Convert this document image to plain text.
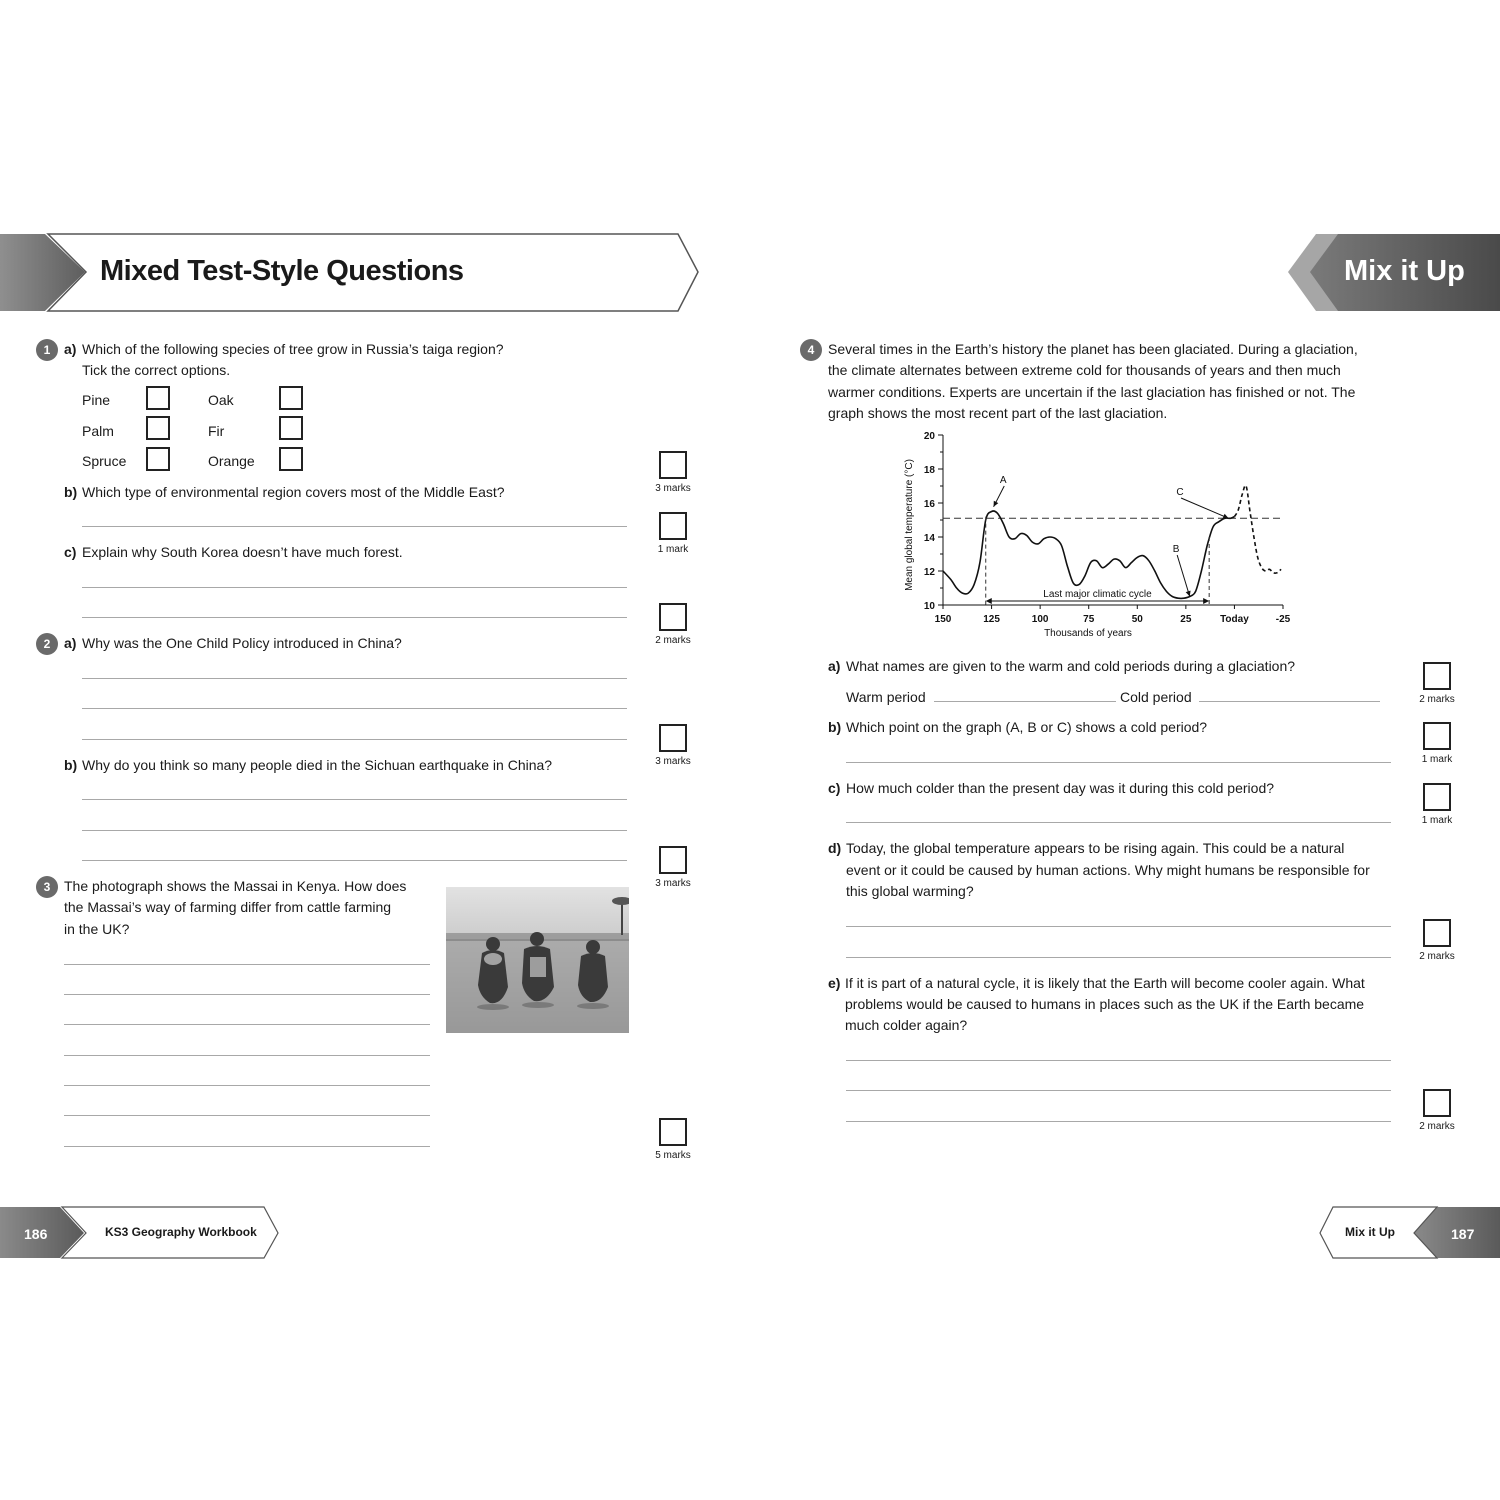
Mixed Test-Style Questions	Mix it Up
1 a) Which of the following species of tree grow in Russia’s taiga region?
Tick the correct options.
Pine	Oak
Palm	Fir
Spruce	Orange
3 marks
b) Which type of environmental region covers most of the Middle East?
1 mark
c) Explain why South Korea doesn’t have much forest.
2 marks
2 a) Why was the One Child Policy introduced in China?
3 marks
b) Why do you think so many people died in the Sichuan earthquake in China?
3 marks
3 The photograph shows the Massai in Kenya. How does
the Massai’s way of farming differ from cattle farming
in the UK?
5 marks
4 Several times in the Earth’s history the planet has been glaciated. During a glaciation,
the climate alternates between extreme cold for thousands of years and then much
warmer conditions. Experts are uncertain if the last glaciation has finished or not. The
graph shows the most recent part of the last glaciation.
10
12
14
16
18
20
150	125	100	75	50	25	Today	-25
Thousands of years
Mean global temperature (°C)
Last major climatic cycle
A
B
C
a) What names are given to the warm and cold periods during a glaciation?
Warm period	Cold period	2 marks
b) Which point on the graph (A, B or C) shows a cold period?
1 mark
c) How much colder than the present day was it during this cold period?
1 mark
d) Today, the global temperature appears to be rising again. This could be a natural
event or it could be caused by human actions. Why might humans be responsible for
this global warming?
2 marks
e) If it is part of a natural cycle, it is likely that the Earth will become cooler again. What
problems would be caused to humans in places such as the UK if the Earth became
much colder again?
2 marks
186	KS3 Geography Workbook	Mix it Up	187
